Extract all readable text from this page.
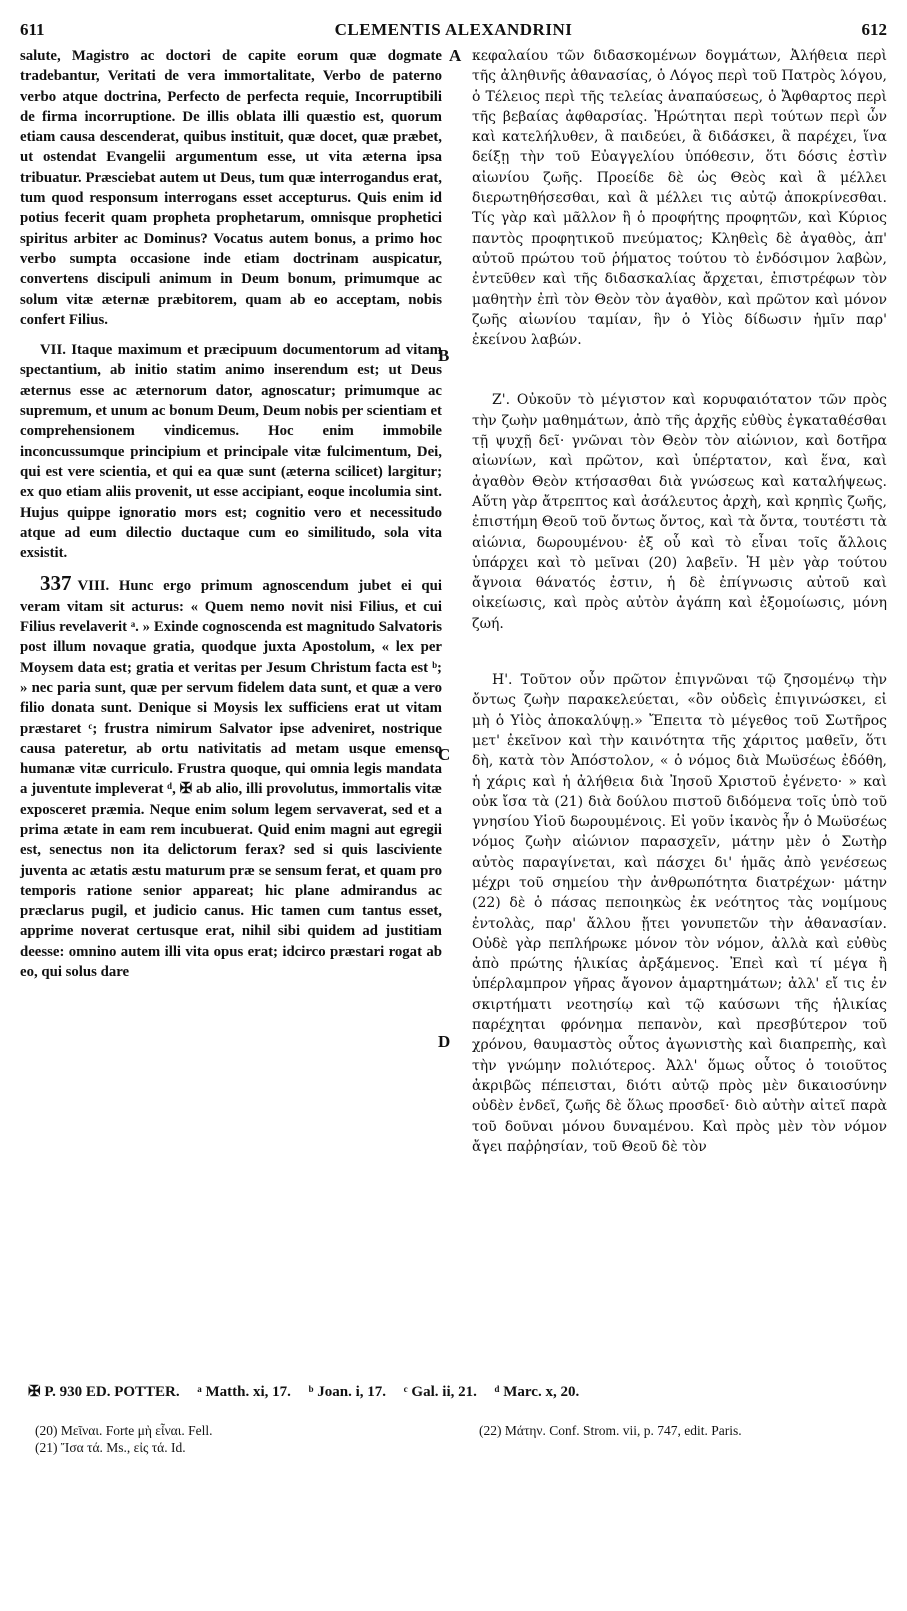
611	CLEMENTIS ALEXANDRINI	612

salute, Magistro ac doctori de capite eorum quæ dogmate tradebantur, Veritati de vera immortalitate, Verbo de paterno verbo atque doctrina, Perfecto de perfecta requie, Incorruptibili de firma incorruptione. De illis oblata illi quæstio est, quorum etiam causa descenderat, quibus instituit, quæ docet, quæ præbet, ut ostendat Evangelii argumentum esse, ut vita æterna ipsa tribuatur. Præsciebat autem ut Deus, tum quæ interrogandus erat, tum quod responsum interrogans esset accepturus. Quis enim id potius fecerit quam propheta prophetarum, omnisque prophetici spiritus arbiter ac Dominus? Vocatus autem bonus, a primo hoc verbo sumpta occasione inde etiam doctrinam auspicatur, convertens discipuli animum in Deum bonum, primumque ac solum vitæ æternæ præbitorem, quam ab eo acceptam, nobis confert Filius.

VII. Itaque maximum et præcipuum documentorum ad vitam spectantium, ab initio statim animo inserendum est; ut Deus æternus esse ac æternorum dator, agnoscatur; primumque ac supremum, et unum ac bonum Deum, Deum nobis per scientiam et comprehensionem vindicemus. Hoc enim immobile inconcussumque principium et principale vitæ fulcimentum, Dei, qui est vere scientia, et qui ea quæ sunt (æterna scilicet) largitur; ex quo etiam aliis provenit, ut esse accipiant, eoque incolumia sint. Hujus quippe ignoratio mors est; cognitio vero et necessitudo atque ad eum dilectio ductaque cum eo similitudo, sola vita exsistit.

337 VIII. Hunc ergo primum agnoscendum jubet ei qui veram vitam sit acturus: « Quem nemo novit nisi Filius, et cui Filius revelaverit ᵃ. » Exinde cognoscenda est magnitudo Salvatoris post illum novaque gratia, quodque juxta Apostolum, « lex per Moysem data est; gratia et veritas per Jesum Christum facta est ᵇ; » nec paria sunt, quæ per servum fidelem data sunt, et quæ a vero filio donata sunt. Denique si Moysis lex sufficiens erat ut vitam præstaret ᶜ; frustra nimirum Salvator ipse adveniret, nostrique causa pateretur, ab ortu nativitatis ad metam usque emenso humanæ vitæ curriculo. Frustra quoque, qui omnia legis mandata a juventute impleverat ᵈ, ✠ ab alio, illi provolutus, immortalis vitæ exposceret præmia. Neque enim solum legem servaverat, sed et a prima ætate in eam rem incubuerat. Quid enim magni aut egregii est, senectus non ita delictorum ferax? sed si quis lasciviente juventa ac ætatis æstu maturum præ se sensum ferat, et quam pro temporis ratione senior appareat; hic plane admirandus ac præclarus pugil, et judicio canus. Hic tamen cum tantus esset, apprime noverat certusque erat, nihil sibi quidem ad justitiam deesse: omnino autem illi vita opus erat; idcirco præstari rogat ab eo, qui solus dare

A
B
C
D

κεφαλαίου τῶν διδασκομένων δογμάτων, Ἀλήθεια περὶ τῆς ἀληθινῆς ἀθανασίας, ὁ Λόγος περὶ τοῦ Πατρὸς λόγου, ὁ Τέλειος περὶ τῆς τελείας ἀναπαύσεως, ὁ Ἄφθαρτος περὶ τῆς βεβαίας ἀφθαρσίας. Ἠρώτηται περὶ τούτων περὶ ὧν καὶ κατελήλυθεν, ἃ παιδεύει, ἃ διδάσκει, ἃ παρέχει, ἵνα δείξῃ τὴν τοῦ Εὐαγγελίου ὑπόθεσιν, ὅτι δόσις ἐστὶν αἰωνίου ζωῆς. Προείδε δὲ ὡς Θεὸς καὶ ἃ μέλλει διερωτηθήσεσθαι, καὶ ἃ μέλλει τις αὐτῷ ἀποκρίνεσθαι. Τίς γὰρ καὶ μᾶλλον ἢ ὁ προφήτης προφητῶν, καὶ Κύριος παντὸς προφητικοῦ πνεύματος; Κληθεὶς δὲ ἀγαθὸς, ἀπ' αὐτοῦ πρώτου τοῦ ῥήματος τούτου τὸ ἐνδόσιμον λαβὼν, ἐντεῦθεν καὶ τῆς διδασκαλίας ἄρχεται, ἐπιστρέφων τὸν μαθητὴν ἐπὶ τὸν Θεὸν τὸν ἀγαθὸν, καὶ πρῶτον καὶ μόνον ζωῆς αἰωνίου ταμίαν, ἣν ὁ Υἱὸς δίδωσιν ἡμῖν παρ' ἐκείνου λαβών.

Ζ'. Οὐκοῦν τὸ μέγιστον καὶ κορυφαιότατον τῶν πρὸς τὴν ζωὴν μαθημάτων, ἀπὸ τῆς ἀρχῆς εὐθὺς ἐγκαταθέσθαι τῇ ψυχῇ δεῖ· γνῶναι τὸν Θεὸν τὸν αἰώνιον, καὶ δοτῆρα αἰωνίων, καὶ πρῶτον, καὶ ὑπέρτατον, καὶ ἕνα, καὶ ἀγαθὸν Θεὸν κτήσασθαι διὰ γνώσεως καὶ καταλήψεως. Αὕτη γὰρ ἄτρεπτος καὶ ἀσάλευτος ἀρχὴ, καὶ κρηπὶς ζωῆς, ἐπιστήμη Θεοῦ τοῦ ὄντως ὄντος, καὶ τὰ ὄντα, τουτέστι τὰ αἰώνια, δωρουμένου· ἐξ οὗ καὶ τὸ εἶναι τοῖς ἄλλοις ὑπάρχει καὶ τὸ μεῖναι (20) λαβεῖν. Ἡ μὲν γὰρ τούτου ἄγνοια θάνατός ἐστιν, ἡ δὲ ἐπίγνωσις αὐτοῦ καὶ οἰκείωσις, καὶ πρὸς αὐτὸν ἀγάπη καὶ ἐξομοίωσις, μόνη ζωή.

Η'. Τοῦτον οὖν πρῶτον ἐπιγνῶναι τῷ ζησομένῳ τὴν ὄντως ζωὴν παρακελεύεται, «ὃν οὐδεὶς ἐπιγινώσκει, εἰ μὴ ὁ Υἱὸς ἀποκαλύψῃ.» Ἔπειτα τὸ μέγεθος τοῦ Σωτῆρος μετ' ἐκεῖνον καὶ τὴν καινότητα τῆς χάριτος μαθεῖν, ὅτι δὴ, κατὰ τὸν Ἀπόστολον, « ὁ νόμος διὰ Μωϋσέως ἐδόθη, ἡ χάρις καὶ ἡ ἀλήθεια διὰ Ἰησοῦ Χριστοῦ ἐγένετο· » καὶ οὐκ ἴσα τὰ (21) διὰ δούλου πιστοῦ διδόμενα τοῖς ὑπὸ τοῦ γνησίου Υἱοῦ δωρουμένοις. Εἰ γοῦν ἱκανὸς ἦν ὁ Μωϋσέως νόμος ζωὴν αἰώνιον παρασχεῖν, μάτην μὲν ὁ Σωτὴρ αὐτὸς παραγίνεται, καὶ πάσχει δι' ἡμᾶς ἀπὸ γενέσεως μέχρι τοῦ σημείου τὴν ἀνθρωπότητα διατρέχων· μάτην (22) δὲ ὁ πάσας πεποιηκὼς ἐκ νεότητος τὰς νομίμους ἐντολὰς, παρ' ἄλλου ᾔτει γονυπετῶν τὴν ἀθανασίαν. Οὐδὲ γὰρ πεπλήρωκε μόνον τὸν νόμον, ἀλλὰ καὶ εὐθὺς ἀπὸ πρώτης ἡλικίας ἀρξάμενος. Ἐπεὶ καὶ τί μέγα ἢ ὑπέρλαμπρον γῆρας ἄγονον ἁμαρτημάτων; ἀλλ' εἴ τις ἐν σκιρτήματι νεοτησίῳ καὶ τῷ καύσωνι τῆς ἡλικίας παρέχηται φρόνημα πεπανὸν, καὶ πρεσβύτερον τοῦ χρόνου, θαυμαστὸς οὗτος ἀγωνιστὴς καὶ διαπρεπὴς, καὶ τὴν γνώμην πολιότερος. Ἀλλ' ὅμως οὗτος ὁ τοιοῦτος ἀκριβῶς πέπεισται, διότι αὐτῷ πρὸς μὲν δικαιοσύνην οὐδὲν ἐνδεῖ, ζωῆς δὲ ὅλως προσδεῖ· διὸ αὐτὴν αἰτεῖ παρὰ τοῦ δοῦναι μόνου δυναμένου. Καὶ πρὸς μὲν τὸν νόμον ἄγει παῤῥησίαν, τοῦ Θεοῦ δὲ τὸν

✠ P. 930 ED. POTTER. ᵃ Matth. xi, 17. ᵇ Joan. i, 17. ᶜ Gal. ii, 21. ᵈ Marc. x, 20.

(20) Μεῖναι. Forte μὴ εἶναι. Fell.

(21) Ἴσα τά. Ms., εἰς τά. Id.

(22) Μάτην. Conf. Strom. vii, p. 747, edit. Paris.
